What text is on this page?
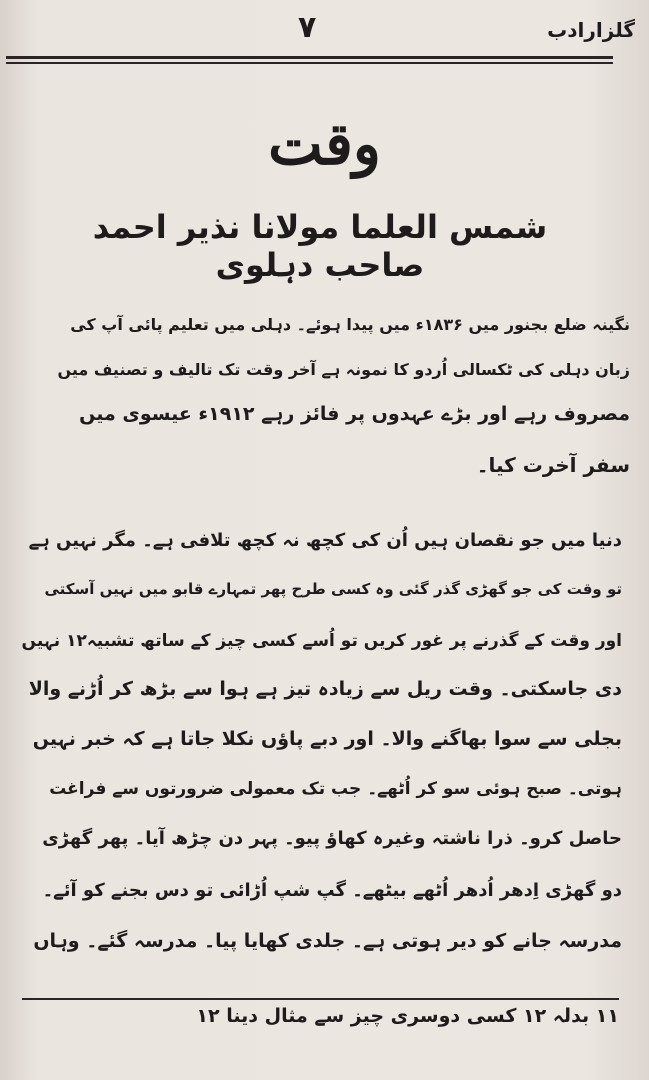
گلزارادب
۷
وقت
شمس العلما مولانا نذیر احمد صاحب دہلوی
نگینہ ضلع بجنور میں ۱۸۳۶ء میں پیدا ہوئے۔ دہلی میں تعلیم پائی آپ کی
زبان دہلی کی ٹکسالی اُردو کا نمونہ ہے آخر وقت تک تالیف و تصنیف میں
مصروف رہے اور بڑے عہدوں پر فائز رہے ۱۹۱۲ء عیسوی میں
سفر آخرت کیا۔
دنیا میں جو نقصان ہیں اُن کی کچھ نہ کچھ تلافی ہے۔ مگر نہیں ہے
تو وقت کی جو گھڑی گذر گئی وہ کسی طرح پھر تمہارے قابو میں نہیں آسکتی
اور وقت کے گذرنے پر غور کریں تو اُسے کسی چیز کے ساتھ تشبیہ۱۲ نہیں
دی جاسکتی۔ وقت ریل سے زیادہ تیز ہے ہوا سے بڑھ کر اُڑنے والا
بجلی سے سوا بھاگنے والا۔ اور دبے پاؤں نکلا جاتا ہے کہ خبر نہیں
ہوتی۔ صبح ہوئی سو کر اُٹھے۔ جب تک معمولی ضرورتوں سے فراغت
حاصل کرو۔ ذرا ناشتہ وغیرہ کھاؤ پیو۔ پہر دن چڑھ آیا۔ پھر گھڑی
دو گھڑی اِدھر اُدھر اُٹھے بیٹھے۔ گپ شپ اُڑائی تو دس بجنے کو آئے۔
مدرسہ جانے کو دیر ہوتی ہے۔ جلدی کھایا پیا۔ مدرسہ گئے۔ وہاں
۱۱ بدلہ ۱۲ کسی دوسری چیز سے مثال دینا ۱۲
